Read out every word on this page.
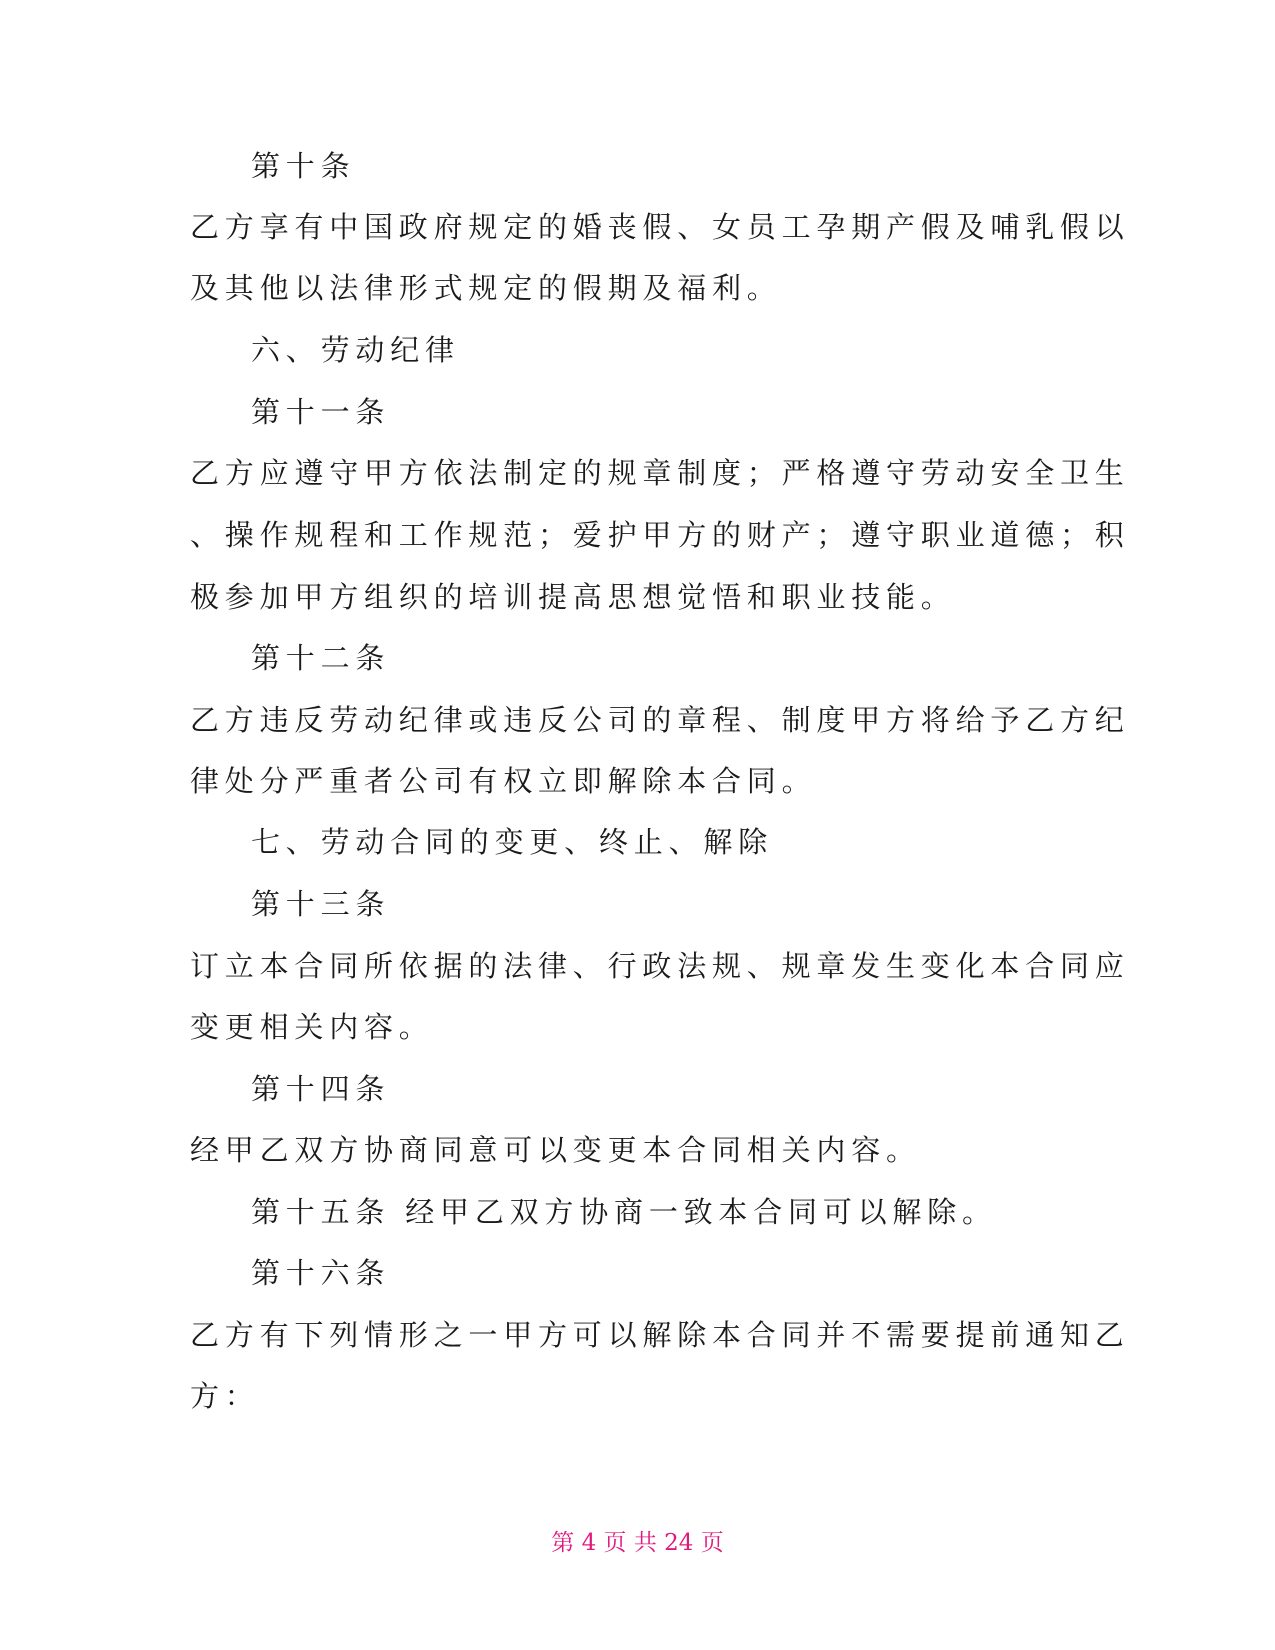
第十条
乙方享有中国政府规定的婚丧假、女员工孕期产假及哺乳假以
及其他以法律形式规定的假期及福利。
六、劳动纪律
第十一条
乙方应遵守甲方依法制定的规章制度；严格遵守劳动安全卫生
、操作规程和工作规范；爱护甲方的财产；遵守职业道德；积
极参加甲方组织的培训提高思想觉悟和职业技能。
第十二条
乙方违反劳动纪律或违反公司的章程、制度甲方将给予乙方纪
律处分严重者公司有权立即解除本合同。
七、劳动合同的变更、终止、解除
第十三条
订立本合同所依据的法律、行政法规、规章发生变化本合同应
变更相关内容。
第十四条
经甲乙双方协商同意可以变更本合同相关内容。
第十五条 经甲乙双方协商一致本合同可以解除。
第十六条
乙方有下列情形之一甲方可以解除本合同并不需要提前通知乙
方：
第 4 页 共 24 页
